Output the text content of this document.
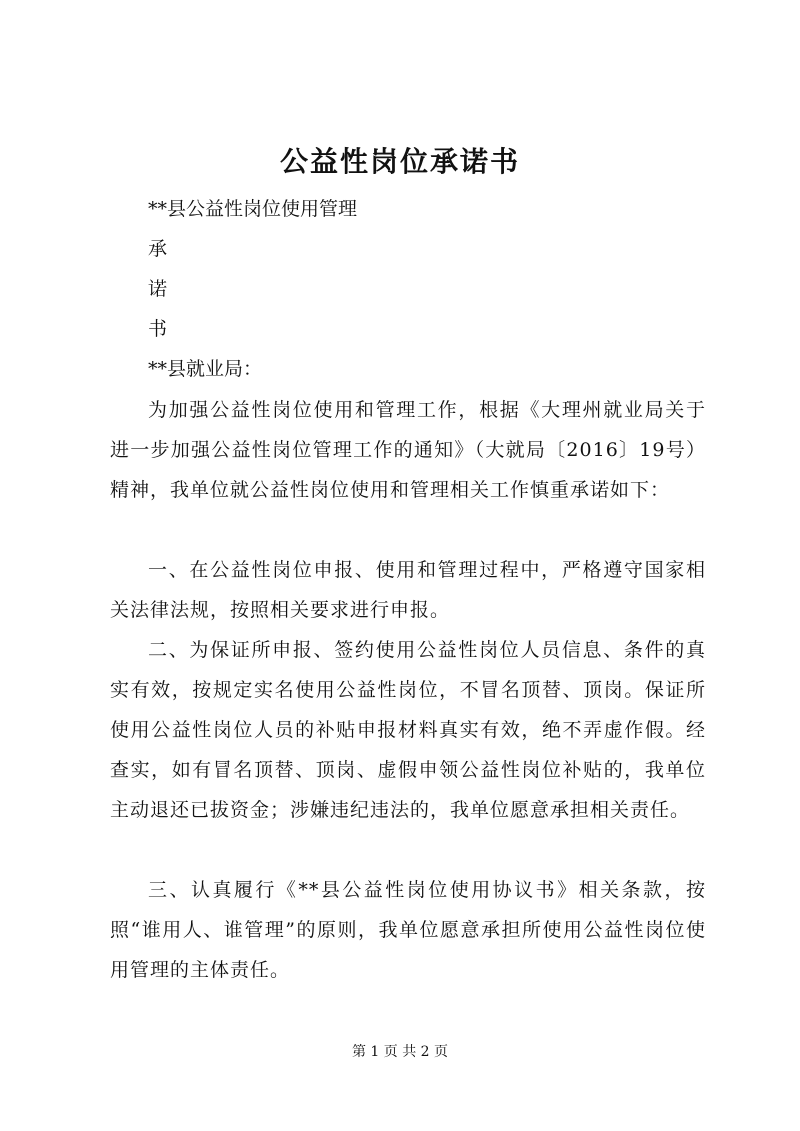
公益性岗位承诺书
**县公益性岗位使用管理
承
诺
书
**县就业局：
为加强公益性岗位使用和管理工作，根据《大理州就业局关于进一步加强公益性岗位管理工作的通知》（大就局〔2016〕19号）精神，我单位就公益性岗位使用和管理相关工作慎重承诺如下：
一、在公益性岗位申报、使用和管理过程中，严格遵守国家相关法律法规，按照相关要求进行申报。
二、为保证所申报、签约使用公益性岗位人员信息、条件的真实有效，按规定实名使用公益性岗位，不冒名顶替、顶岗。保证所使用公益性岗位人员的补贴申报材料真实有效，绝不弄虚作假。经查实，如有冒名顶替、顶岗、虚假申领公益性岗位补贴的，我单位主动退还已拔资金；涉嫌违纪违法的，我单位愿意承担相关责任。
三、认真履行《**县公益性岗位使用协议书》相关条款，按照“谁用人、谁管理”的原则，我单位愿意承担所使用公益性岗位使用管理的主体责任。
第 1 页 共 2 页
